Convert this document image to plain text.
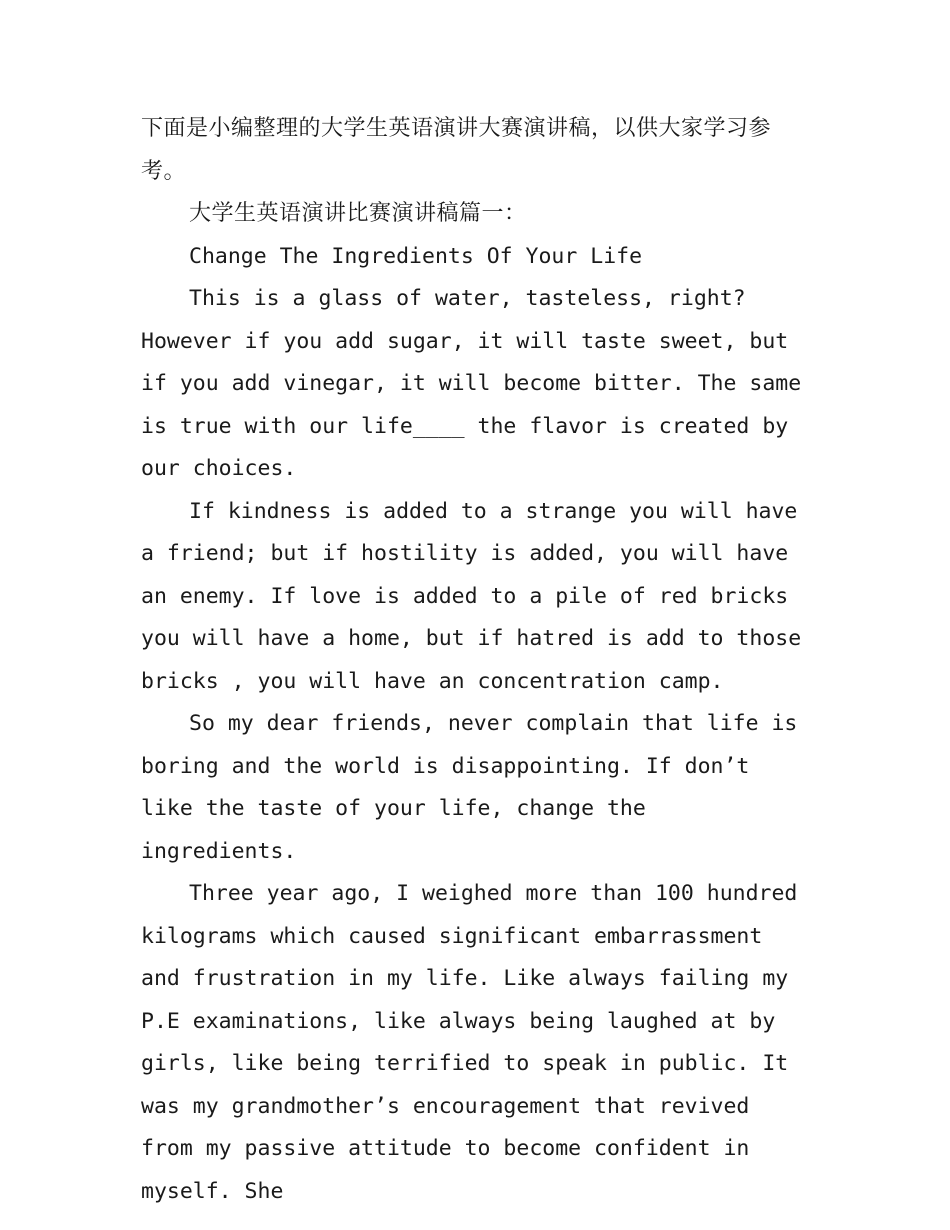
下面是小编整理的大学生英语演讲大赛演讲稿，以供大家学习参考。

大学生英语演讲比赛演讲稿篇一：

Change The Ingredients Of Your Life

This is a glass of water, tasteless, right? However if you add sugar, it will taste sweet, but if you add vinegar, it will become bitter. The same is true with our life____ the flavor is created by our choices.

If kindness is added to a strange you will have a friend; but if hostility is added, you will have an enemy. If love is added to a pile of red bricks you will have a home, but if hatred is add to those bricks , you will have an concentration camp.

So my dear friends, never complain that life is boring and the world is disappointing. If don’t like the taste of your life, change the ingredients.

Three year ago, I weighed more than 100 hundred kilograms which caused significant embarrassment and frustration in my life. Like always failing my P.E examinations, like always being laughed at by girls, like being terrified to speak in public. It was my grandmother’s encouragement that revived from my passive attitude to become confident in myself. She
